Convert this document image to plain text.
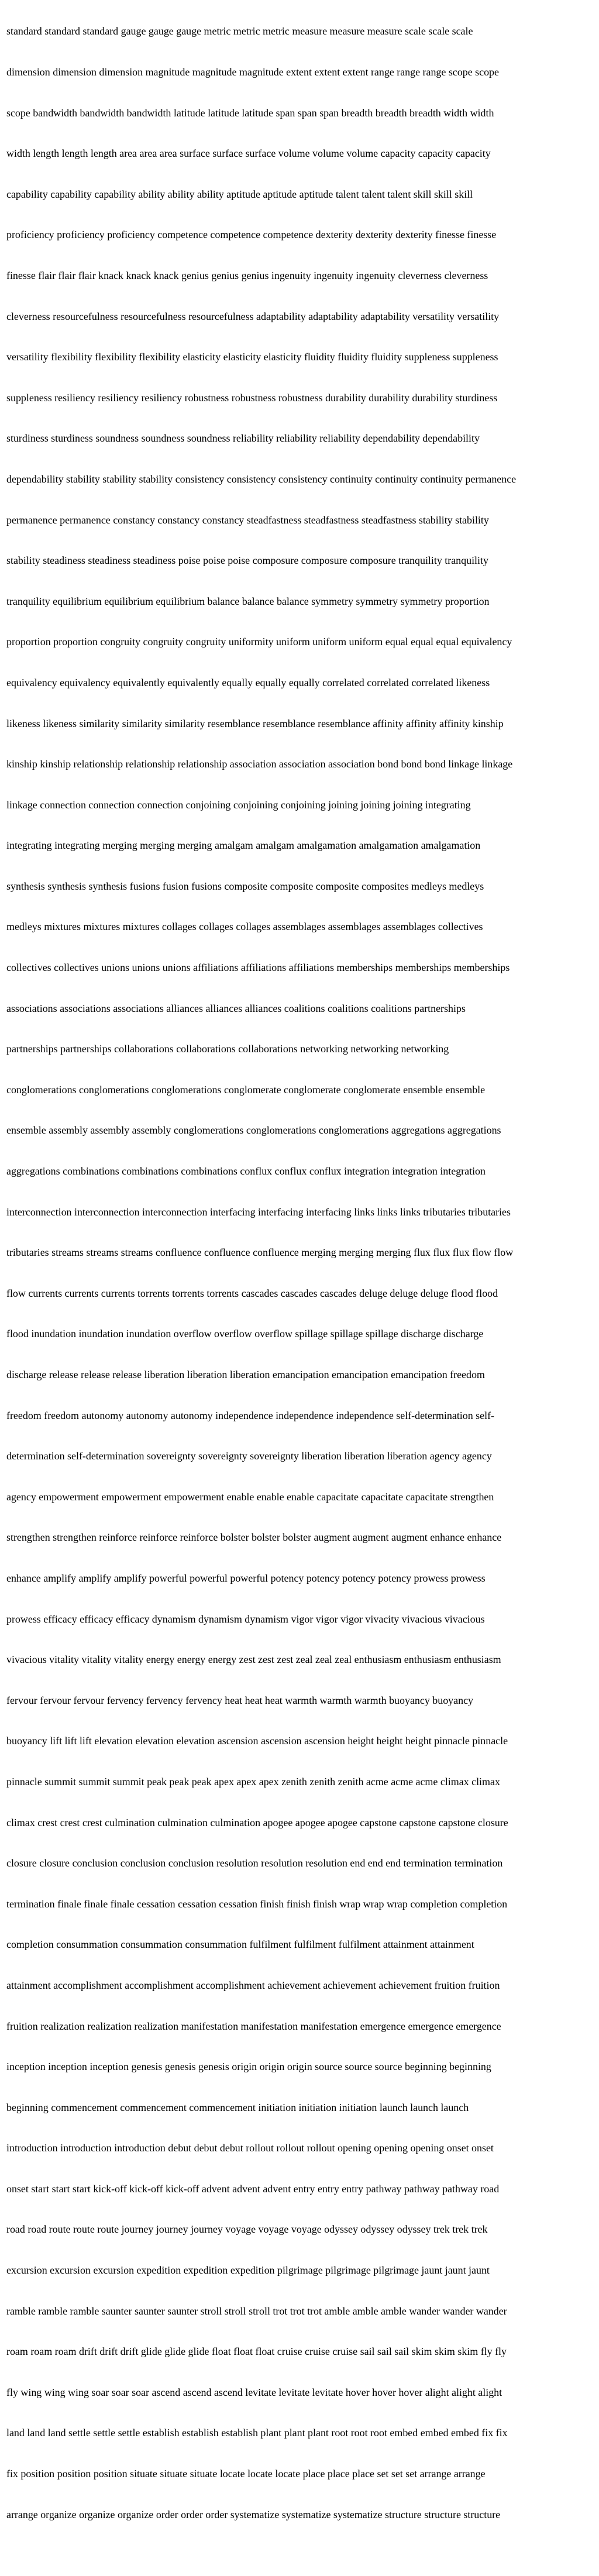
standard standard standard gauge gauge gauge metric metric metric measure measure measure scale scale scale

dimension dimension dimension magnitude magnitude magnitude extent extent extent range range range scope scope

scope bandwidth bandwidth bandwidth latitude latitude latitude span span span breadth breadth breadth width width

width length length length area area area surface surface surface volume volume volume capacity capacity capacity

capability capability capability ability ability ability aptitude aptitude aptitude talent talent talent skill skill skill

proficiency proficiency proficiency competence competence competence dexterity dexterity dexterity finesse finesse

finesse flair flair flair knack knack knack genius genius genius ingenuity ingenuity ingenuity cleverness cleverness

cleverness resourcefulness resourcefulness resourcefulness adaptability adaptability adaptability versatility versatility

versatility flexibility flexibility flexibility elasticity elasticity elasticity fluidity fluidity fluidity suppleness suppleness

suppleness resiliency resiliency resiliency robustness robustness robustness durability durability durability sturdiness

sturdiness sturdiness soundness soundness soundness reliability reliability reliability dependability dependability

dependability stability stability stability consistency consistency consistency continuity continuity continuity permanence

permanence permanence constancy constancy constancy steadfastness steadfastness steadfastness stability stability

stability steadiness steadiness steadiness poise poise poise composure composure composure tranquility tranquility

tranquility equilibrium equilibrium equilibrium balance balance balance symmetry symmetry symmetry proportion

proportion proportion congruity congruity congruity uniformity uniform uniform uniform equal equal equal equivalency

equivalency equivalency equivalently equivalently equally equally equally correlated correlated correlated likeness

likeness likeness similarity similarity similarity resemblance resemblance resemblance affinity affinity affinity kinship

kinship kinship relationship relationship relationship association association association bond bond bond linkage linkage

linkage connection connection connection conjoining conjoining conjoining joining joining joining integrating

integrating integrating merging merging merging amalgam amalgam amalgamation amalgamation amalgamation

synthesis synthesis synthesis fusions fusion fusions composite composite composite composites medleys medleys

medleys mixtures mixtures mixtures collages collages collages assemblages assemblages assemblages collectives

collectives collectives unions unions unions affiliations affiliations affiliations memberships memberships memberships

associations associations associations alliances alliances alliances coalitions coalitions coalitions partnerships

partnerships partnerships collaborations collaborations collaborations networking networking networking

conglomerations conglomerations conglomerations conglomerate conglomerate conglomerate ensemble ensemble

ensemble assembly assembly assembly conglomerations conglomerations conglomerations aggregations aggregations

aggregations combinations combinations combinations conflux conflux conflux integration integration integration

interconnection interconnection interconnection interfacing interfacing interfacing links links links tributaries tributaries

tributaries streams streams streams confluence confluence confluence merging merging merging flux flux flux flow flow

flow currents currents currents torrents torrents torrents cascades cascades cascades deluge deluge deluge flood flood

flood inundation inundation inundation overflow overflow overflow spillage spillage spillage discharge discharge

discharge release release release liberation liberation liberation emancipation emancipation emancipation freedom

freedom freedom autonomy autonomy autonomy independence independence independence self-determination self-

determination self-determination sovereignty sovereignty sovereignty liberation liberation liberation agency agency

agency empowerment empowerment empowerment enable enable enable capacitate capacitate capacitate strengthen

strengthen strengthen reinforce reinforce reinforce bolster bolster bolster augment augment augment enhance enhance

enhance amplify amplify amplify powerful powerful powerful potency potency potency potency prowess prowess

prowess efficacy efficacy efficacy dynamism dynamism dynamism vigor vigor vigor vivacity vivacious vivacious

vivacious vitality vitality vitality energy energy energy zest zest zest zeal zeal zeal enthusiasm enthusiasm enthusiasm

fervour fervour fervour fervency fervency fervency heat heat heat warmth warmth warmth buoyancy buoyancy

buoyancy lift lift lift elevation elevation elevation ascension ascension ascension height height height pinnacle pinnacle

pinnacle summit summit summit peak peak peak apex apex apex zenith zenith zenith acme acme acme climax climax

climax crest crest crest culmination culmination culmination apogee apogee apogee capstone capstone capstone closure

closure closure conclusion conclusion conclusion resolution resolution resolution end end end termination termination

termination finale finale finale cessation cessation cessation finish finish finish wrap wrap wrap completion completion

completion consummation consummation consummation fulfilment fulfilment fulfilment attainment attainment

attainment accomplishment accomplishment accomplishment achievement achievement achievement fruition fruition

fruition realization realization realization manifestation manifestation manifestation emergence emergence emergence

inception inception inception genesis genesis genesis origin origin origin source source source beginning beginning

beginning commencement commencement commencement initiation initiation initiation launch launch launch

introduction introduction introduction debut debut debut rollout rollout rollout opening opening opening onset onset

onset start start start kick-off kick-off kick-off advent advent advent entry entry entry pathway pathway pathway road

road road route route route journey journey journey voyage voyage voyage odyssey odyssey odyssey trek trek trek

excursion excursion excursion expedition expedition expedition pilgrimage pilgrimage pilgrimage jaunt jaunt jaunt

ramble ramble ramble saunter saunter saunter stroll stroll stroll trot trot trot amble amble amble wander wander wander

roam roam roam drift drift drift glide glide glide float float float cruise cruise cruise sail sail sail skim skim skim fly fly

fly wing wing wing soar soar soar ascend ascend ascend levitate levitate levitate hover hover hover alight alight alight

land land land settle settle settle establish establish establish plant plant plant root root root embed embed embed fix fix

fix position position position situate situate situate locate locate locate place place place set set set arrange arrange

arrange organize organize organize order order order systematize systematize systematize structure structure structure
